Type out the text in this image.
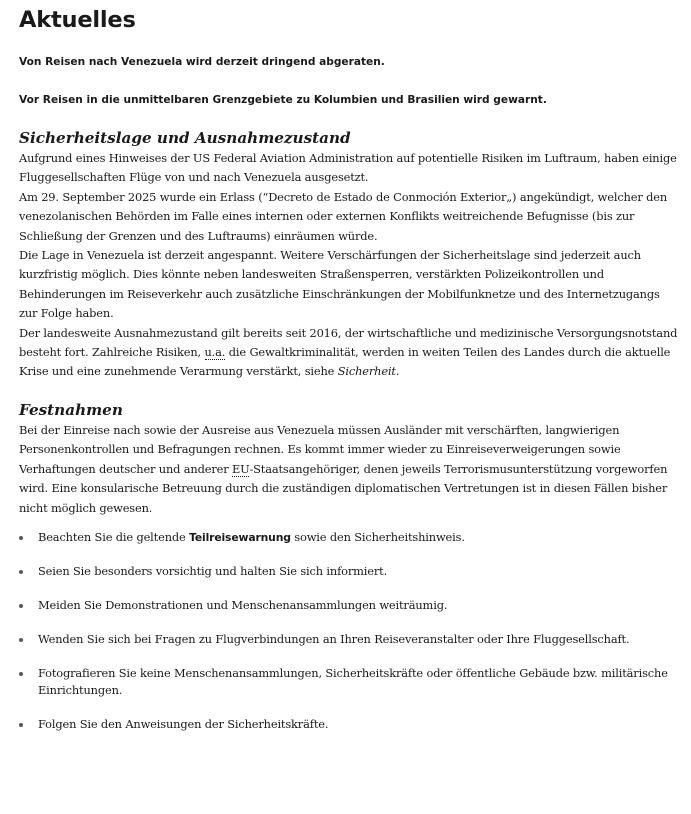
Aktuelles

Von Reisen nach Venezuela wird derzeit dringend abgeraten.

Vor Reisen in die unmittelbaren Grenzgebiete zu Kolumbien und Brasilien wird gewarnt.

Sicherheitslage und Ausnahmezustand

Aufgrund eines Hinweises der US Federal Aviation Administration auf potentielle Risiken im Luftraum, haben einige Fluggesellschaften Flüge von und nach Venezuela ausgesetzt.

Am 29. September 2025 wurde ein Erlass (“Decreto de Estado de Conmoción Exterior„) angekündigt, welcher den venezolanischen Behörden im Falle eines internen oder externen Konflikts weitreichende Befugnisse (bis zur Schließung der Grenzen und des Luftraums) einräumen würde.

Die Lage in Venezuela ist derzeit angespannt. Weitere Verschärfungen der Sicherheitslage sind jederzeit auch kurzfristig möglich. Dies könnte neben landesweiten Straßensperren, verstärkten Polizeikontrollen und Behinderungen im Reiseverkehr auch zusätzliche Einschränkungen der Mobilfunknetze und des Internetzugangs zur Folge haben.

Der landesweite Ausnahmezustand gilt bereits seit 2016, der wirtschaftliche und medizinische Versorgungsnotstand besteht fort. Zahlreiche Risiken, u.a. die Gewaltkriminalität, werden in weiten Teilen des Landes durch die aktuelle Krise und eine zunehmende Verarmung verstärkt, siehe Sicherheit.

Festnahmen

Bei der Einreise nach sowie der Ausreise aus Venezuela müssen Ausländer mit verschärften, langwierigen Personenkontrollen und Befragungen rechnen. Es kommt immer wieder zu Einreiseverweigerungen sowie Verhaftungen deutscher und anderer EU-Staatsangehöriger, denen jeweils Terrorismusunterstützung vorgeworfen wird. Eine konsularische Betreuung durch die zuständigen diplomatischen Vertretungen ist in diesen Fällen bisher nicht möglich gewesen.

Beachten Sie die geltende Teilreisewarnung sowie den Sicherheitshinweis.
Seien Sie besonders vorsichtig und halten Sie sich informiert.
Meiden Sie Demonstrationen und Menschenansammlungen weiträumig.
Wenden Sie sich bei Fragen zu Flugverbindungen an Ihren Reiseveranstalter oder Ihre Fluggesellschaft.
Fotografieren Sie keine Menschenansammlungen, Sicherheitskräfte oder öffentliche Gebäude bzw. militärische Einrichtungen.
Folgen Sie den Anweisungen der Sicherheitskräfte.
